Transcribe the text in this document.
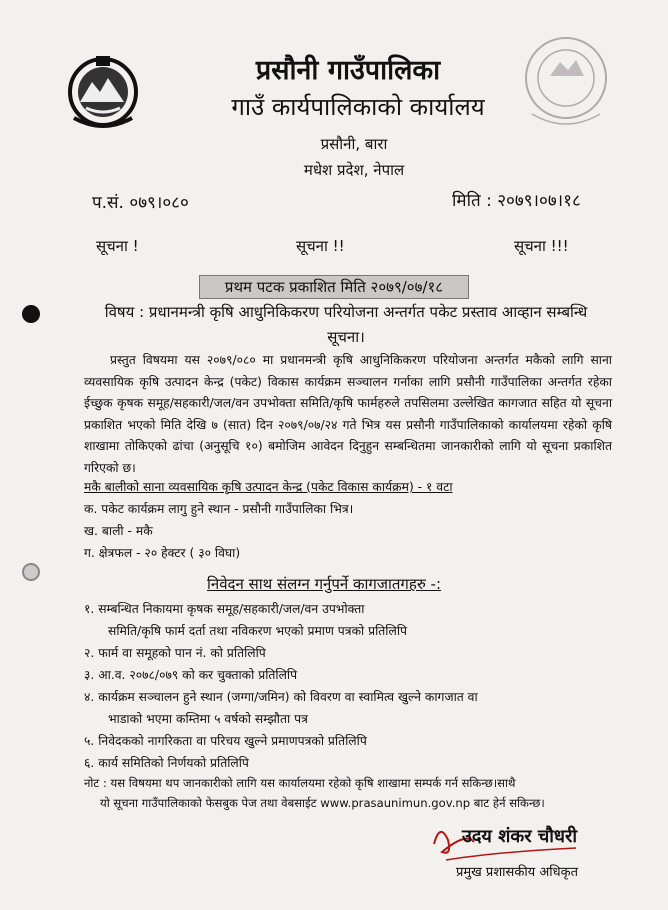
प्रसौनी गाउँपालिका
गाउँ कार्यपालिकाको कार्यालय
प्रसौनी, बारा
मधेश प्रदेश, नेपाल
प.सं. ०७९।०८०	मिति : २०७९।०७।१८
सूचना !	सूचना !!	सूचना !!!
प्रथम पटक प्रकाशित मिति २०७९/०७/१८
विषय : प्रधानमन्त्री कृषि आधुनिकिकरण परियोजना अन्तर्गत पकेट प्रस्ताव आव्हान सम्बन्धि सूचना।
प्रस्तुत विषयमा यस २०७९/०८० मा प्रधानमन्त्री कृषि आधुनिकिकरण परियोजना अन्तर्गत मकैको लागि साना व्यवसायिक कृषि उत्पादन केन्द्र (पकेट) विकास कार्यक्रम सञ्चालन गर्नाका लागि प्रसौनी गाउँपालिका अन्तर्गत रहेका ईच्छुक कृषक समूह/सहकारी/जल/वन उपभोक्ता समिति/कृषि फार्महरुले तपसिलमा उल्लेखित कागजात सहित यो सूचना प्रकाशित भएको मिति देखि ७ (सात) दिन २०७९/०७/२४ गते भित्र यस प्रसौनी गाउँपालिकाको कार्यालयमा रहेको कृषि शाखामा तोकिएको ढांचा (अनुसूचि १०) बमोजिम आवेदन दिनुहुन सम्बन्धितमा जानकारीको लागि यो सूचना प्रकाशित गरिएको छ।
मकै बालीको साना व्यवसायिक कृषि उत्पादन केन्द्र (पकेट विकास कार्यक्रम) - १ वटा
क. पकेट कार्यक्रम लागु हुने स्थान - प्रसौनी गाउँपालिका भित्र।
ख. बाली - मकै
ग. क्षेत्रफल - २० हेक्टर ( ३० विघा)
निवेदन साथ संलग्न गर्नुपर्ने कागजातगहरु -:
१. सम्बन्धित निकायमा कृषक समूह/सहकारी/जल/वन उपभोक्ता
समिति/कृषि फार्म दर्ता तथा नविकरण भएको प्रमाण पत्रको प्रतिलिपि
२. फार्म वा समूहको पान नं. को प्रतिलिपि
३. आ.व. २०७८/०७९ को कर चुक्ताको प्रतिलिपि
४. कार्यक्रम सञ्चालन हुने स्थान (जग्गा/जमिन) को विवरण वा स्वामित्व खुल्ने कागजात वा
भाडाको भएमा कम्तिमा ५ वर्षको सम्झौता पत्र
५. निवेदकको नागरिकता वा परिचय खुल्ने प्रमाणपत्रको प्रतिलिपि
६. कार्य समितिको निर्णयको प्रतिलिपि
नोट : यस विषयमा थप जानकारीको लागि यस कार्यालयमा रहेको कृषि शाखामा सम्पर्क गर्न सकिन्छ।साथै
यो सूचना गाउँपालिकाको फेसबुक पेज तथा वेबसाईट www.prasaunimun.gov.np बाट हेर्न सकिन्छ।
उदय शंकर चौधरी
प्रमुख प्रशासकीय अधिकृत
